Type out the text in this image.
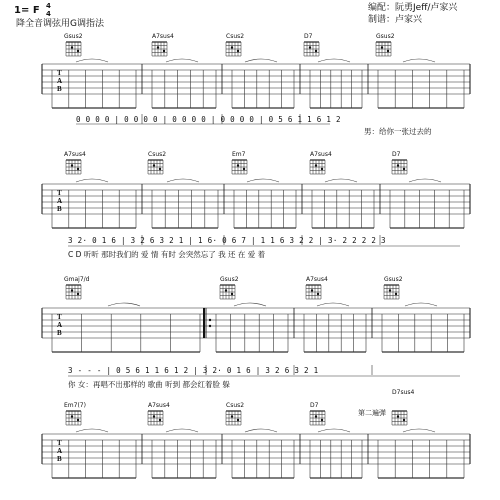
1= F 4
4
降全音调弦用G调指法
编配：阮勇Jeff/卢家兴
制谱：卢家兴
Gsus2	A7sus4	Csus2	D7	Gsus2
A7sus4	Csus2	Em7	A7sus4	D7
Gmaj7/d	Gsus2	A7sus4	Gsus2
Em7(7)	A7sus4	Csus2	D7
D7sus4
第二遍弹
T
A
B
T
A
B
T
A
B
T
A
B
0 0 0 0 | 0 0 0 0 | 0 0 0 0 | 0 0 0 0 | 0 5 6 1 1 6 1 2
男：给你一张过去的
3 2· 0 1 6 | 3 2 6 3 2 1 | 1 6· 0 6 7 | 1 1 6 3 2 2 | 3· 2 2 2 2 3
C D 听听 那时我们的 爱 情 有时 会突然忘了 我 还 在 爱 着
3 - - - | 0 5 6 1 1 6 1 2 | 3 2· 0 1 6 | 3 2 6 3 2 1
你 女：再唱不出那样的 歌曲 听到 都会红着脸 躲
